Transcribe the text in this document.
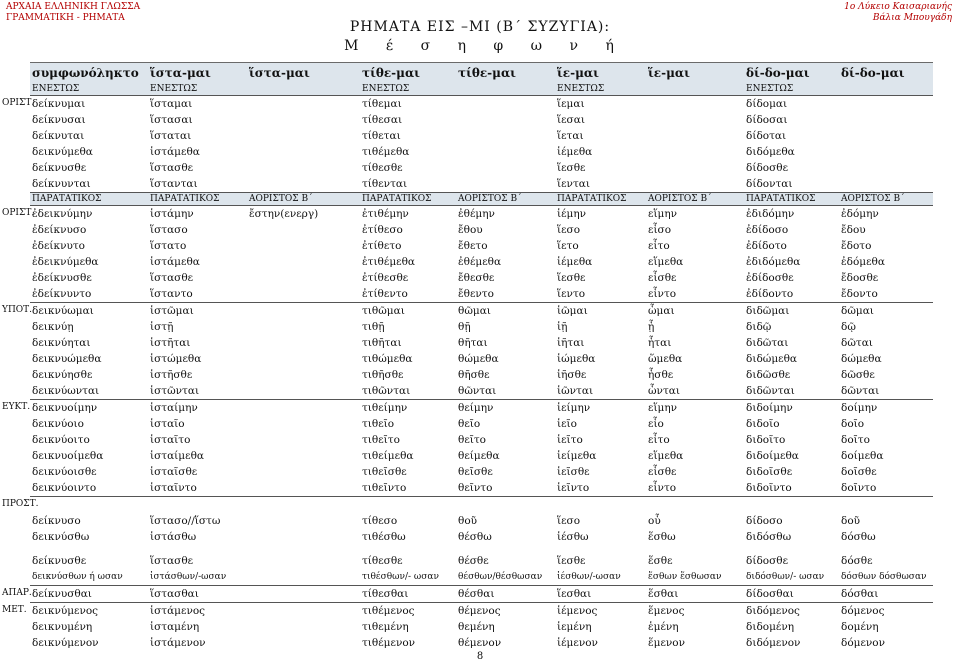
ΑΡΧΑΙΑ ΕΛΛΗΝΙΚΗ ΓΛΩΣΣΑ
ΓΡΑΜΜΑΤΙΚΗ - ΡΗΜΑΤΑ
1ο Λύκειο Καισαριανής
Βάλια Μπουγάδη
ΡΗΜΑΤΑ ΕΙΣ –ΜΙ (Β΄ ΣΥΖΥΓΙΑ):
Μ έ σ η φ ω ν ή
συμφωνόληκτο	ἵστα-μαι	ἵστα-μαι	τίθε-μαι	τίθε-μαι	ἵε-μαι	ἵε-μαι	δί-δο-μαι	δί-δο-μαι
ΕΝΕΣΤΩΣ	ΕΝΕΣΤΩΣ		ΕΝΕΣΤΩΣ		ΕΝΕΣΤΩΣ		ΕΝΕΣΤΩΣ	

ΟΡΙΣΤ.
δείκνυμαι	ἵσταμαι		τίθεμαι		ἵεμαι		δίδομαι	
δείκνυσαι	ἵστασαι		τίθεσαι		ἵεσαι		δίδοσαι	
δείκνυται	ἵσταται		τίθεται		ἵεται		δίδοται	
δεικνύμεθα	ἱστάμεθα		τιθέμεθα		ἱέμεθα		διδόμεθα	
δείκνυσθε	ἵστασθε		τίθεσθε		ἵεσθε		δίδοσθε	
δείκνυνται	ἵστανται		τίθενται		ἵενται		δίδονται	
ΠΑΡΑΤΑΤΙΚΟΣ	ΠΑΡΑΤΑΤΙΚΟΣ	ΑΟΡΙΣΤΟΣ Β΄	ΠΑΡΑΤΑΤΙΚΟΣ	ΑΟΡΙΣΤΟΣ Β΄	ΠΑΡΑΤΑΤΙΚΟΣ	ΑΟΡΙΣΤΟΣ Β΄	ΠΑΡΑΤΑΤΙΚΟΣ	ΑΟΡΙΣΤΟΣ Β΄

ΟΡΙΣΤ.
ἐδεικνύμην	ἱστάμην	ἔστην(ενεργ)	ἐτιθέμην	ἐθέμην	ἱέμην	εἵμην	ἐδιδόμην	ἐδόμην
ἐδείκνυσο	ἵστασο		ἐτίθεσο	ἔθου	ἵεσο	εἷσο	ἐδίδοσο	ἔδου
ἐδείκνυτο	ἵστατο		ἐτίθετο	ἔθετο	ἵετο	εἷτο	ἐδίδοτο	ἔδοτο
ἐδεικνύμεθα	ἱστάμεθα		ἐτιθέμεθα	ἐθέμεθα	ἱέμεθα	εἵμεθα	ἐδιδόμεθα	ἐδόμεθα
ἐδείκνυσθε	ἵστασθε		ἐτίθεσθε	ἔθεσθε	ἵεσθε	εἷσθε	ἐδίδοσθε	ἔδοσθε
ἐδείκνυντο	ἵσταντο		ἐτίθεντο	ἔθεντο	ἵεντο	εἷντο	ἐδίδοντο	ἔδοντο

ΥΠΟΤ. δεικνύωμαι	ἱστῶμαι		τιθῶμαι	θῶμαι	ἱῶμαι	ὧμαι	διδῶμαι	δῶμαι
δεικνύῃ	ἱστῇ		τιθῇ	θῇ	ἱῇ	ᾗ	διδῷ	δῷ
δεικνύηται	ἱστῆται		τιθῆται	θῆται	ἱῆται	ἧται	διδῶται	δῶται
δεικνυώμεθα	ἱστώμεθα		τιθώμεθα	θώμεθα	ἱώμεθα	ὥμεθα	διδώμεθα	δώμεθα
δεικνύησθε	ἱστῆσθε		τιθῆσθε	θῆσθε	ἱῆσθε	ἧσθε	διδῶσθε	δῶσθε
δεικνύωνται	ἱστῶνται		τιθῶνται	θῶνται	ἱῶνται	ὧνται	διδῶνται	δῶνται

ΕΥΚΤ. δεικνυοίμην	ἱσταίμην		τιθείμην	θείμην	ἱείμην	εἵμην	διδοίμην	δοίμην
δεικνύοιο	ἱσταῖο		τιθεῖο	θεῖο	ἱεῖο	εἷο	διδοῖο	δοῖο
δεικνύοιτο	ἱσταῖτο		τιθεῖτο	θεῖτο	ἱεῖτο	εἷτο	διδοῖτο	δοῖτο
δεικνυοίμεθα	ἱσταίμεθα		τιθείμεθα	θείμεθα	ἱείμεθα	εἵμεθα	διδοίμεθα	δοίμεθα
δεικνύοισθε	ἱσταῖσθε		τιθεῖσθε	θεῖσθε	ἱεῖσθε	εἷσθε	διδοῖσθε	δοῖσθε
δεικνύοιντο	ἱσταῖντο		τιθεῖντο	θεῖντο	ἱεῖντο	εἷντο	διδοῖντο	δοῖντο

ΠΡΟΣΤ.								

δείκνυσο	ἵστασο//ἵστω		τίθεσο	θοῦ	ἵεσο	οὗ	δίδοσο	δοῦ
δεικνύσθω	ἱστάσθω		τιθέσθω	θέσθω	ἱέσθω	ἕσθω	διδόσθω	δόσθω

δείκνυσθε	ἵστασθε		τίθεσθε	θέσθε	ἵεσθε	ἕσθε	δίδοσθε	δόσθε
δεικνύσθων ή ωσαν	ἱστάσθων/-ωσαν		τιθέσθων/- ωσαν	θέσθων/θέσθωσαν	ἱέσθων/-ωσαν	ἕσθων ἕσθωσαν	διδόσθων/- ωσαν	δόσθων δόσθωσαν

ΑΠΑΡ. δείκνυσθαι	ἵστασθαι		τίθεσθαι	θέσθαι	ἵεσθαι	ἕσθαι	δίδοσθαι	δόσθαι

ΜΕΤ. δεικνύμενος	ἱστάμενος		τιθέμενος	θέμενος	ἱέμενος	ἕμενος	διδόμενος	δόμενος
δεικνυμένη	ἱσταμένη		τιθεμένη	θεμένη	ἱεμένη	ἑμένη	διδομένη	δομένη
δεικνύμενον	ἱστάμενον		τιθέμενον	θέμενον	ἱέμενον	ἕμενον	διδόμενον	δόμενον
8
